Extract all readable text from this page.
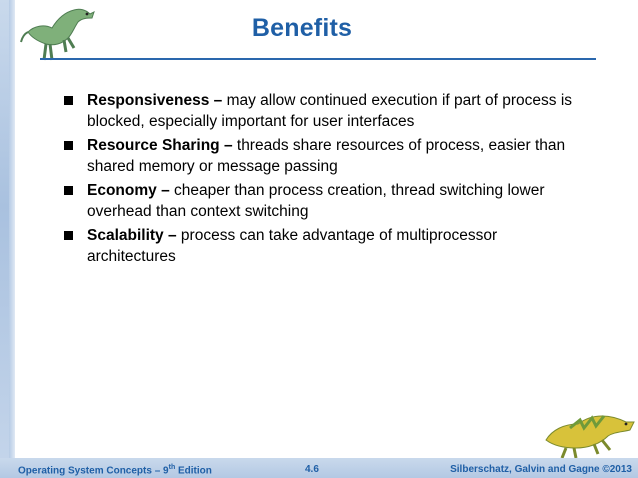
Benefits
Responsiveness – may allow continued execution if part of process is blocked, especially important for user interfaces
Resource Sharing – threads share resources of process, easier than shared memory or message passing
Economy – cheaper than process creation, thread switching lower overhead than context switching
Scalability – process can take advantage of multiprocessor architectures
Operating System Concepts – 9th Edition	4.6	Silberschatz, Galvin and Gagne ©2013
